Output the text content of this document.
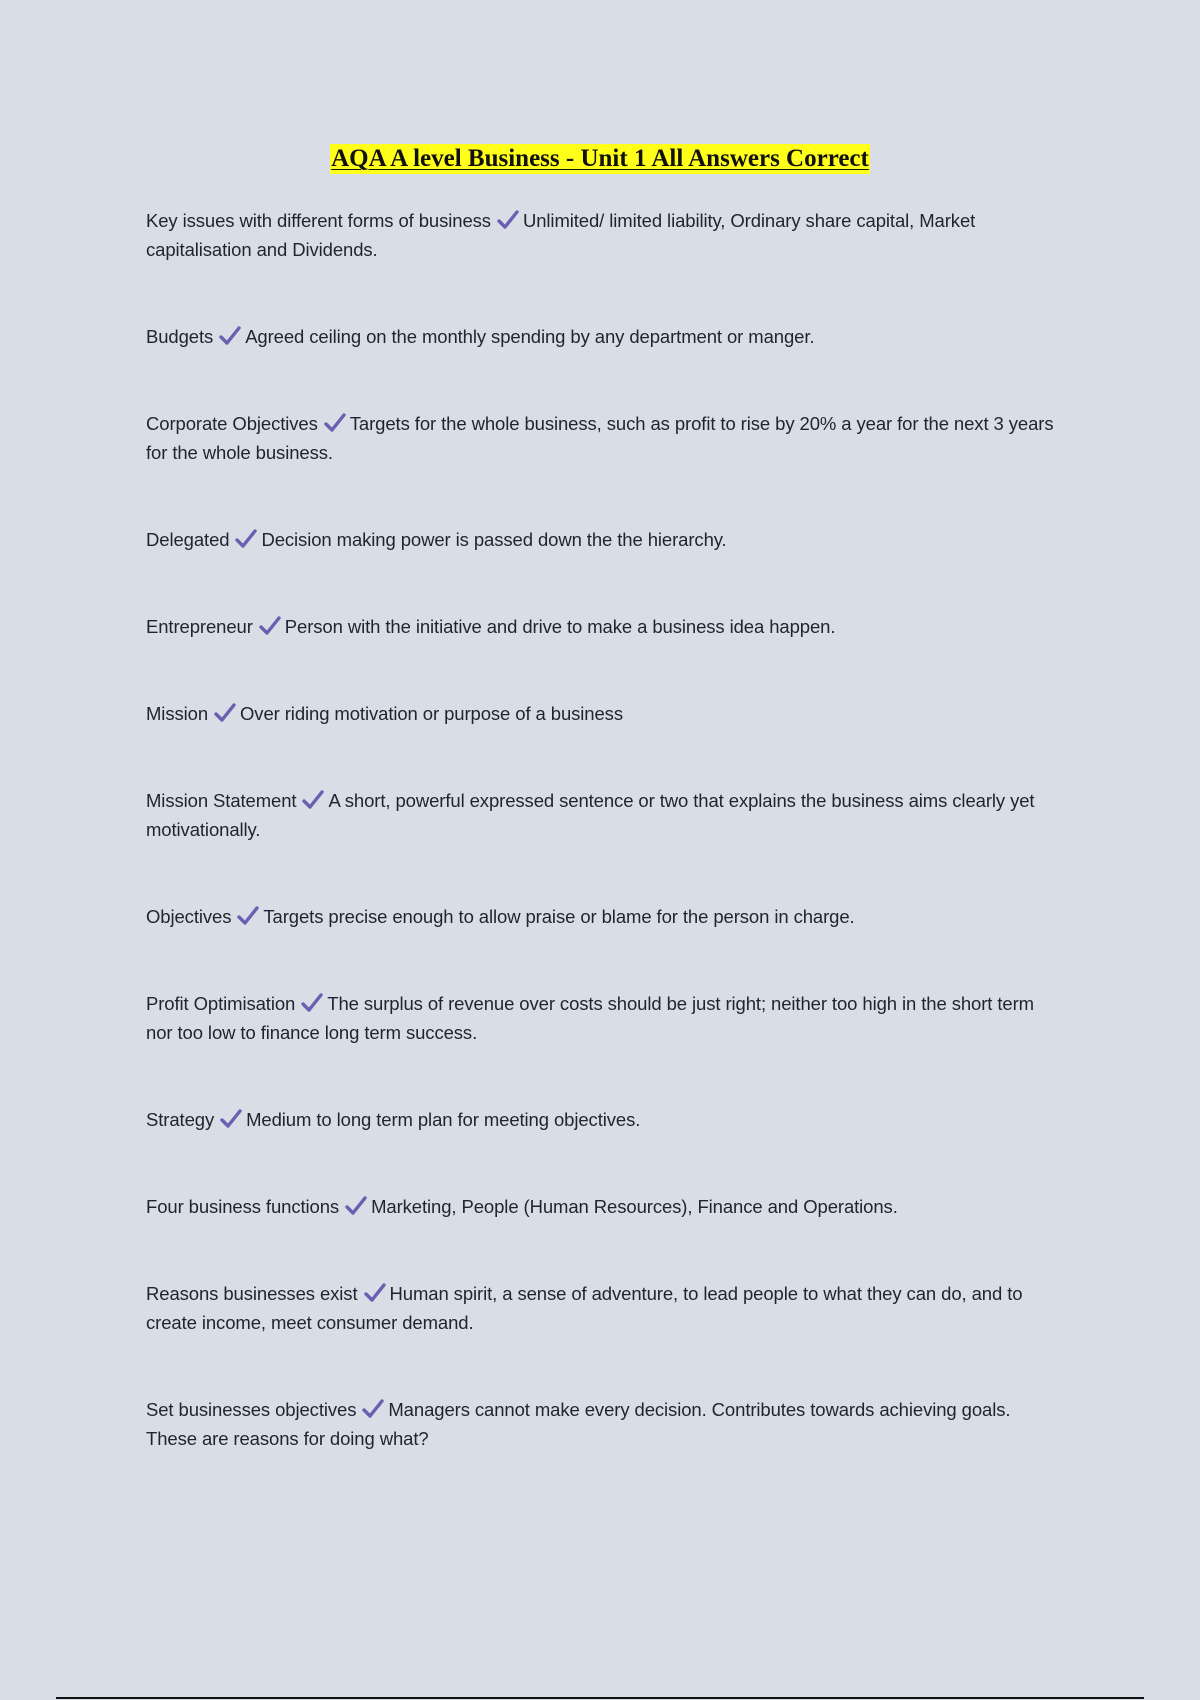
AQA A level Business - Unit 1 All Answers Correct

Key issues with different forms of business Unlimited/ limited liability, Ordinary share capital, Market capitalisation and Dividends.

Budgets Agreed ceiling on the monthly spending by any department or manger.

Corporate Objectives Targets for the whole business, such as profit to rise by 20% a year for the next 3 years for the whole business.

Delegated Decision making power is passed down the the hierarchy.

Entrepreneur Person with the initiative and drive to make a business idea happen.

Mission Over riding motivation or purpose of a business

Mission Statement A short, powerful expressed sentence or two that explains the business aims clearly yet motivationally.

Objectives Targets precise enough to allow praise or blame for the person in charge.

Profit Optimisation The surplus of revenue over costs should be just right; neither too high in the short term nor too low to finance long term success.

Strategy Medium to long term plan for meeting objectives.

Four business functions Marketing, People (Human Resources), Finance and Operations.

Reasons businesses exist Human spirit, a sense of adventure, to lead people to what they can do, and to create income, meet consumer demand.

Set businesses objectives Managers cannot make every decision. Contributes towards achieving goals. These are reasons for doing what?
